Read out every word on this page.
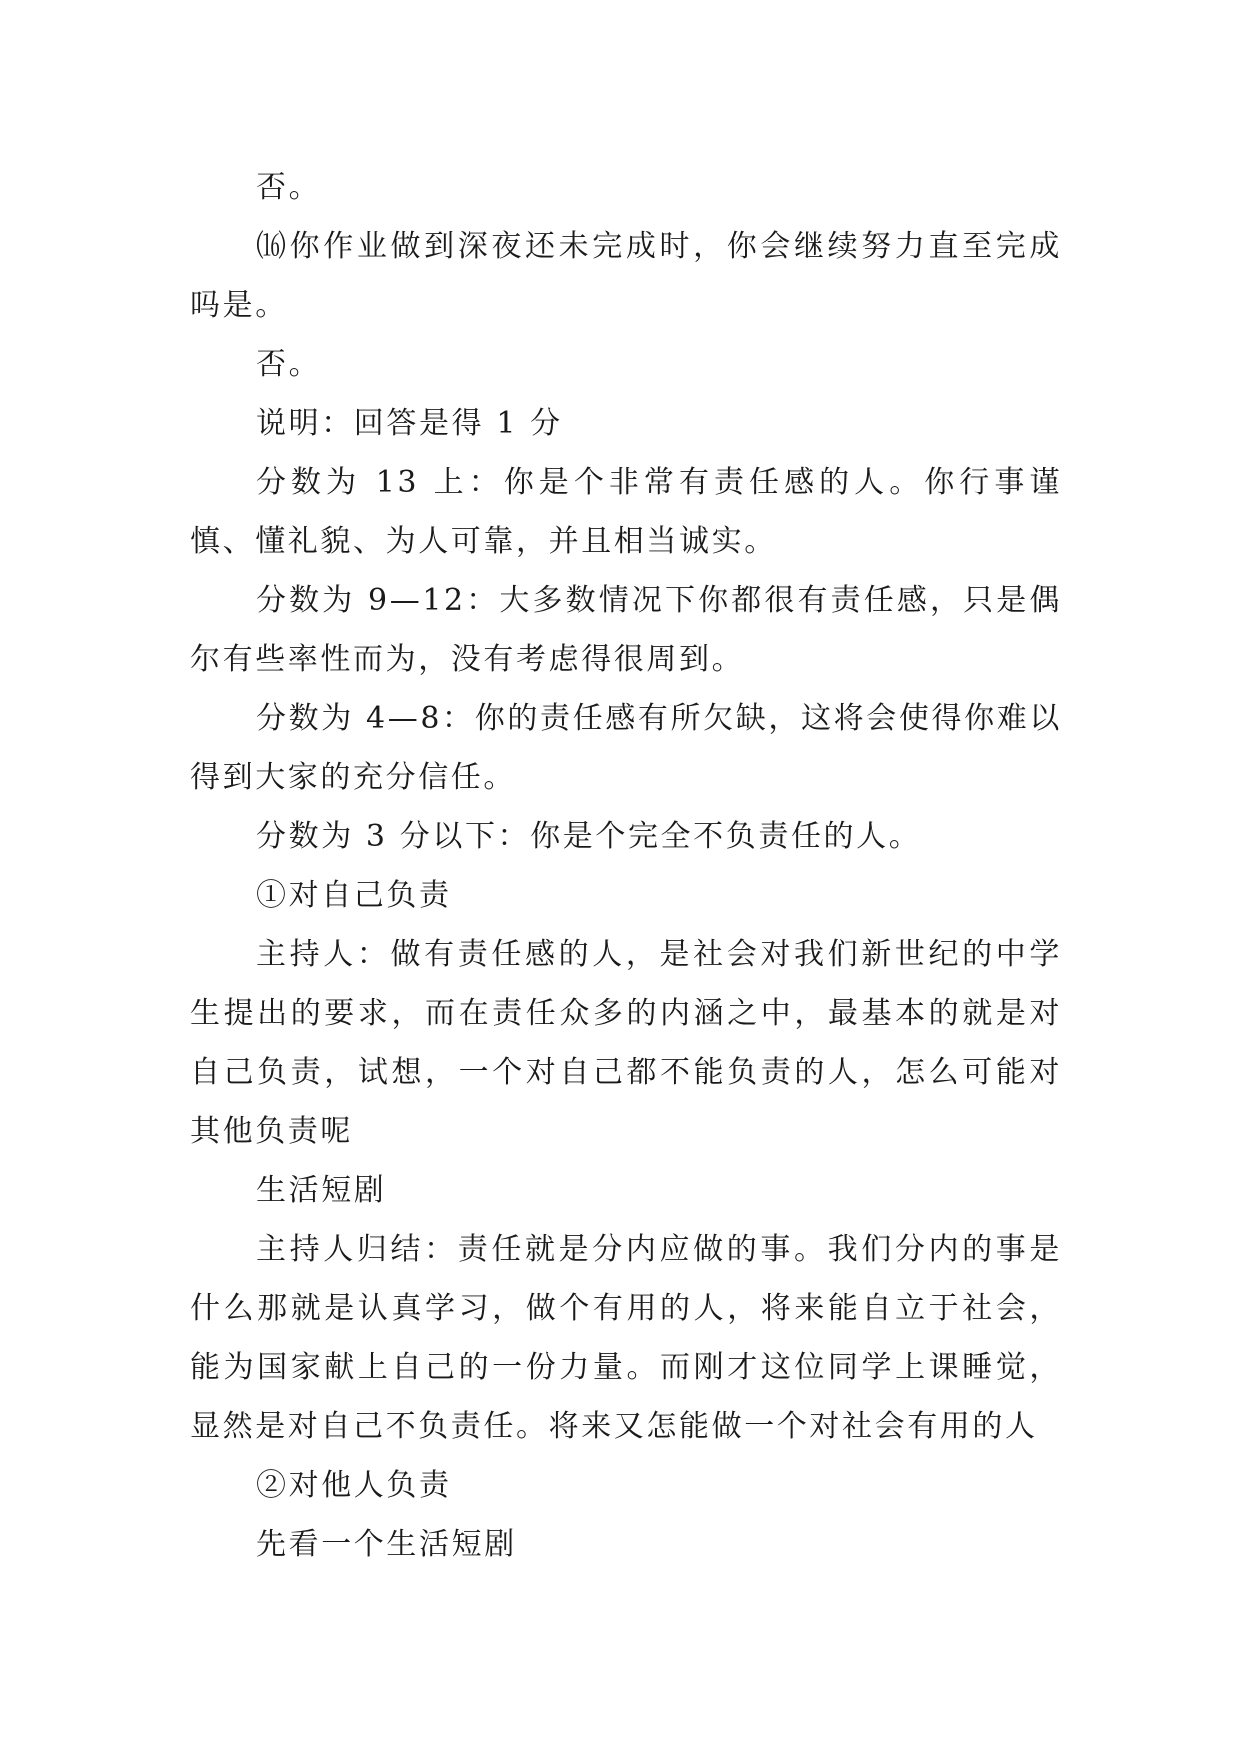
否。

⒃你作业做到深夜还未完成时，你会继续努力直至完成吗是。

否。

说明：回答是得 1 分

分数为 13 上：你是个非常有责任感的人。你行事谨慎、懂礼貌、为人可靠，并且相当诚实。

分数为 9—12：大多数情况下你都很有责任感，只是偶尔有些率性而为，没有考虑得很周到。

分数为 4—8：你的责任感有所欠缺，这将会使得你难以得到大家的充分信任。

分数为 3 分以下：你是个完全不负责任的人。

①对自己负责

主持人：做有责任感的人，是社会对我们新世纪的中学生提出的要求，而在责任众多的内涵之中，最基本的就是对自己负责，试想，一个对自己都不能负责的人，怎么可能对其他负责呢

生活短剧

主持人归结：责任就是分内应做的事。我们分内的事是什么那就是认真学习，做个有用的人，将来能自立于社会，能为国家献上自己的一份力量。而刚才这位同学上课睡觉，显然是对自己不负责任。将来又怎能做一个对社会有用的人

②对他人负责

先看一个生活短剧
